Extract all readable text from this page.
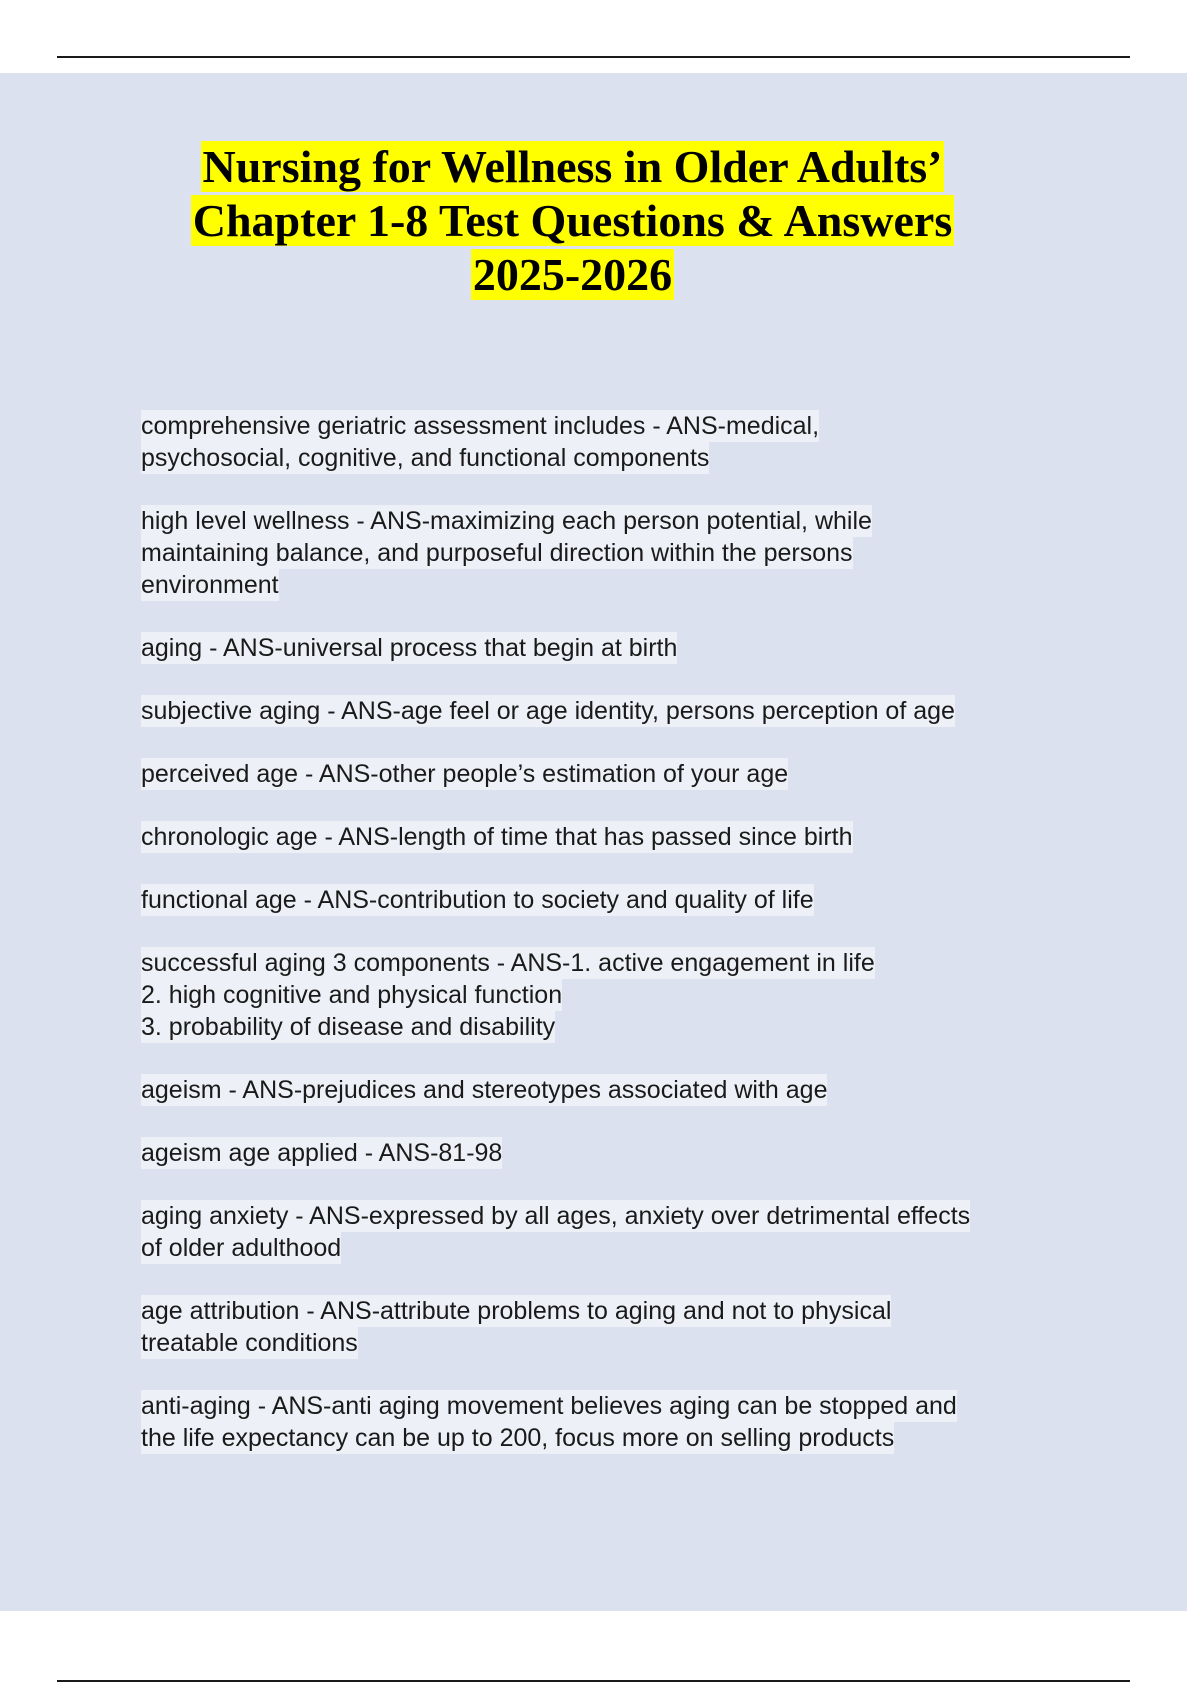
Nursing for Wellness in Older Adults’
Chapter 1-8 Test Questions & Answers
2025-2026
comprehensive geriatric assessment includes - ANS-medical,
psychosocial, cognitive, and functional components
high level wellness - ANS-maximizing each person potential, while
maintaining balance, and purposeful direction within the persons
environment
aging - ANS-universal process that begin at birth
subjective aging - ANS-age feel or age identity, persons perception of age
perceived age - ANS-other people’s estimation of your age
chronologic age - ANS-length of time that has passed since birth
functional age - ANS-contribution to society and quality of life
successful aging 3 components - ANS-1. active engagement in life
2. high cognitive and physical function
3. probability of disease and disability
ageism - ANS-prejudices and stereotypes associated with age
ageism age applied - ANS-81-98
aging anxiety - ANS-expressed by all ages, anxiety over detrimental effects
of older adulthood
age attribution - ANS-attribute problems to aging and not to physical
treatable conditions
anti-aging - ANS-anti aging movement believes aging can be stopped and
the life expectancy can be up to 200, focus more on selling products
